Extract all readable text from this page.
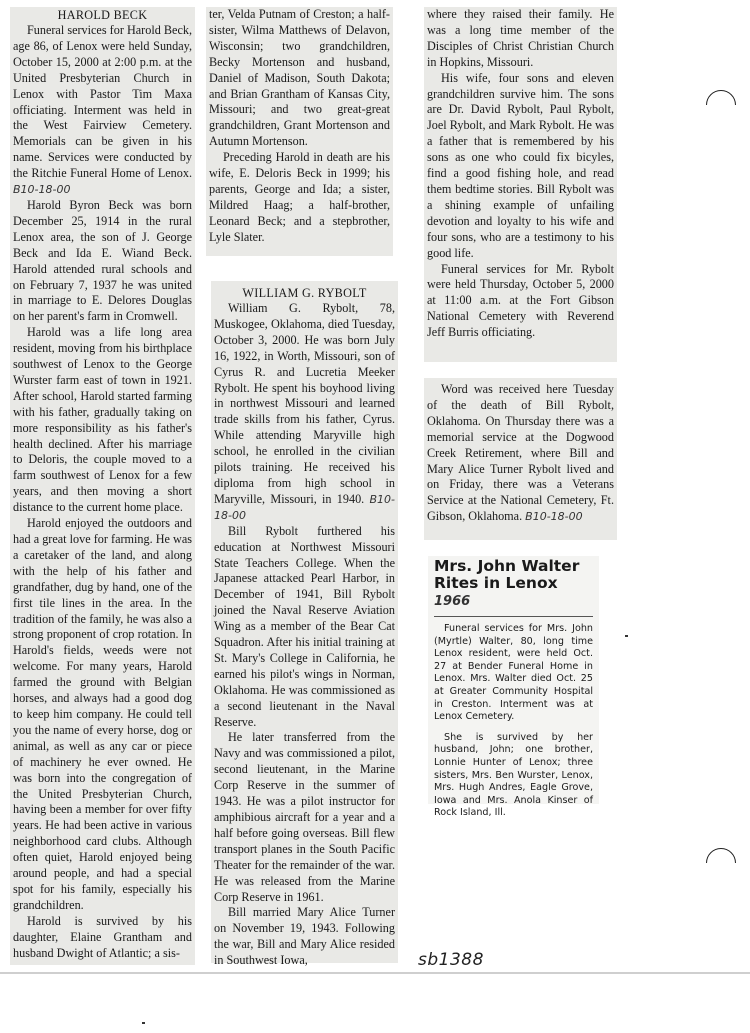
HAROLD BECK

Funeral services for Harold Beck, age 86, of Lenox were held Sunday, October 15, 2000 at 2:00 p.m. at the United Presbyterian Church in Lenox with Pastor Tim Maxa officiating. Interment was held in the West Fairview Cemetery. Memorials can be given in his name. Services were conducted by the Ritchie Funeral Home of Lenox. B10-18-00

Harold Byron Beck was born December 25, 1914 in the rural Lenox area, the son of J. George Beck and Ida E. Wiand Beck. Harold attended rural schools and on February 7, 1937 he was united in marriage to E. Delores Douglas on her parent's farm in Cromwell.

Harold was a life long area resident, moving from his birthplace southwest of Lenox to the George Wurster farm east of town in 1921. After school, Harold started farming with his father, gradually taking on more responsibility as his father's health declined. After his marriage to Deloris, the couple moved to a farm southwest of Lenox for a few years, and then moving a short distance to the current home place.

Harold enjoyed the outdoors and had a great love for farming. He was a caretaker of the land, and along with the help of his father and grandfather, dug by hand, one of the first tile lines in the area. In the tradition of the family, he was also a strong proponent of crop rotation. In Harold's fields, weeds were not welcome. For many years, Harold farmed the ground with Belgian horses, and always had a good dog to keep him company. He could tell you the name of every horse, dog or animal, as well as any car or piece of machinery he ever owned. He was born into the congregation of the United Presbyterian Church, having been a member for over fifty years. He had been active in various neighborhood card clubs. Although often quiet, Harold enjoyed being around people, and had a special spot for his family, especially his grandchildren.

Harold is survived by his daughter, Elaine Grantham and husband Dwight of Atlantic; a sis-

ter, Velda Putnam of Creston; a half-sister, Wilma Matthews of Delavon, Wisconsin; two grandchildren, Becky Mortenson and husband, Daniel of Madison, South Dakota; and Brian Grantham of Kansas City, Missouri; and two great-great grandchildren, Grant Mortenson and Autumn Mortenson.

Preceding Harold in death are his wife, E. Deloris Beck in 1999; his parents, George and Ida; a sister, Mildred Haag; a half-brother, Leonard Beck; and a stepbrother, Lyle Slater.

WILLIAM G. RYBOLT

William G. Rybolt, 78, Muskogee, Oklahoma, died Tuesday, October 3, 2000. He was born July 16, 1922, in Worth, Missouri, son of Cyrus R. and Lucretia Meeker Rybolt. He spent his boyhood living in northwest Missouri and learned trade skills from his father, Cyrus. While attending Maryville high school, he enrolled in the civilian pilots training. He received his diploma from high school in Maryville, Missouri, in 1940. B10-18-00

Bill Rybolt furthered his education at Northwest Missouri State Teachers College. When the Japanese attacked Pearl Harbor, in December of 1941, Bill Rybolt joined the Naval Reserve Aviation Wing as a member of the Bear Cat Squadron. After his initial training at St. Mary's College in California, he earned his pilot's wings in Norman, Oklahoma. He was commissioned as a second lieutenant in the Naval Reserve.

He later transferred from the Navy and was commissioned a pilot, second lieutenant, in the Marine Corp Reserve in the summer of 1943. He was a pilot instructor for amphibious aircraft for a year and a half before going overseas. Bill flew transport planes in the South Pacific Theater for the remainder of the war. He was released from the Marine Corp Reserve in 1961.

Bill married Mary Alice Turner on November 19, 1943. Following the war, Bill and Mary Alice resided in Southwest Iowa,

where they raised their family. He was a long time member of the Disciples of Christ Christian Church in Hopkins, Missouri.

His wife, four sons and eleven grandchildren survive him. The sons are Dr. David Rybolt, Paul Rybolt, Joel Rybolt, and Mark Rybolt. He was a father that is remembered by his sons as one who could fix bicyles, find a good fishing hole, and read them bedtime stories. Bill Rybolt was a shining example of unfailing devotion and loyalty to his wife and four sons, who are a testimony to his good life.

Funeral services for Mr. Rybolt were held Thursday, October 5, 2000 at 11:00 a.m. at the Fort Gibson National Cemetery with Reverend Jeff Burris officiating.

Word was received here Tuesday of the death of Bill Rybolt, Oklahoma. On Thursday there was a memorial service at the Dogwood Creek Retirement, where Bill and Mary Alice Turner Rybolt lived and on Friday, there was a Veterans Service at the National Cemetery, Ft. Gibson, Oklahoma. B10-18-00

Mrs. John Walter Rites in Lenox 1966

Funeral services for Mrs. John (Myrtle) Walter, 80, long time Lenox resident, were held Oct. 27 at Bender Funeral Home in Lenox. Mrs. Walter died Oct. 25 at Greater Community Hospital in Creston. Interment was at Lenox Cemetery.

She is survived by her husband, John; one brother, Lonnie Hunter of Lenox; three sisters, Mrs. Ben Wurster, Lenox, Mrs. Hugh Andres, Eagle Grove, Iowa and Mrs. Anola Kinser of Rock Island, Ill.

sb1388
